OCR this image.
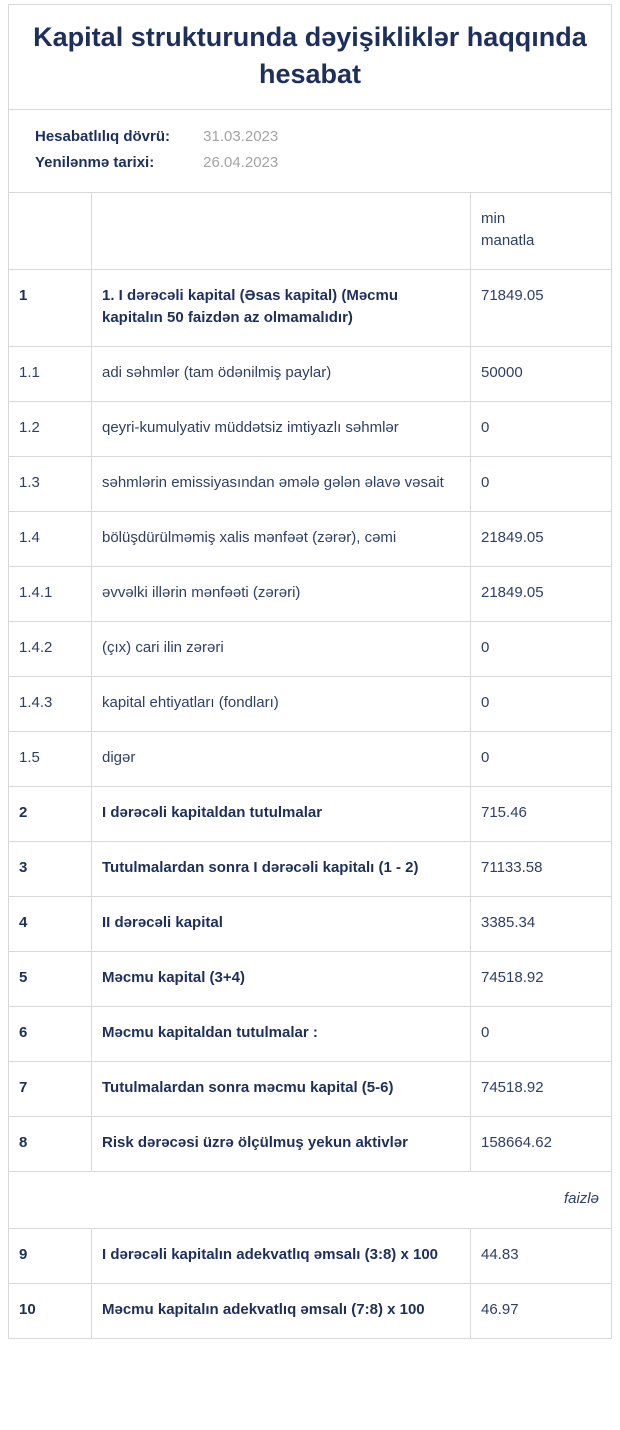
Kapital strukturunda dəyişikliklər haqqında hesabat
Hesabatlılıq dövrü: 31.03.2023
Yenilənmə tarixi:	26.04.2023

		min manatla

1	1. I dərəcəli kapital (Əsas kapital) (Məcmu kapitalın 50 faizdən az olmamalıdır)	71849.05
1.1	adi səhmlər (tam ödənilmiş paylar)	50000
1.2	qeyri-kumulyativ müddətsiz imtiyazlı səhmlər	0
1.3	səhmlərin emissiyasından əmələ gələn əlavə vəsait	0
1.4	bölüşdürülməmiş xalis mənfəət (zərər), cəmi	21849.05
1.4.1	əvvəlki illərin mənfəəti (zərəri)	21849.05
1.4.2	(çıx) cari ilin zərəri	0
1.4.3	kapital ehtiyatları (fondları)	0
1.5	digər	0
2	I dərəcəli kapitaldan tutulmalar	715.46
3	Tutulmalardan sonra I dərəcəli kapitalı (1 - 2)	71133.58
4	II dərəcəli kapital	3385.34
5	Məcmu kapital (3+4)	74518.92
6	Məcmu kapitaldan tutulmalar :	0
7	Tutulmalardan sonra məcmu kapital (5-6)	74518.92
8	Risk dərəcəsi üzrə ölçülmuş yekun aktivlər	158664.62
faizlə		
9	I dərəcəli kapitalın adekvatlıq əmsalı (3:8) x 100	44.83
10	Məcmu kapitalın adekvatlıq əmsalı (7:8) x 100	46.97
